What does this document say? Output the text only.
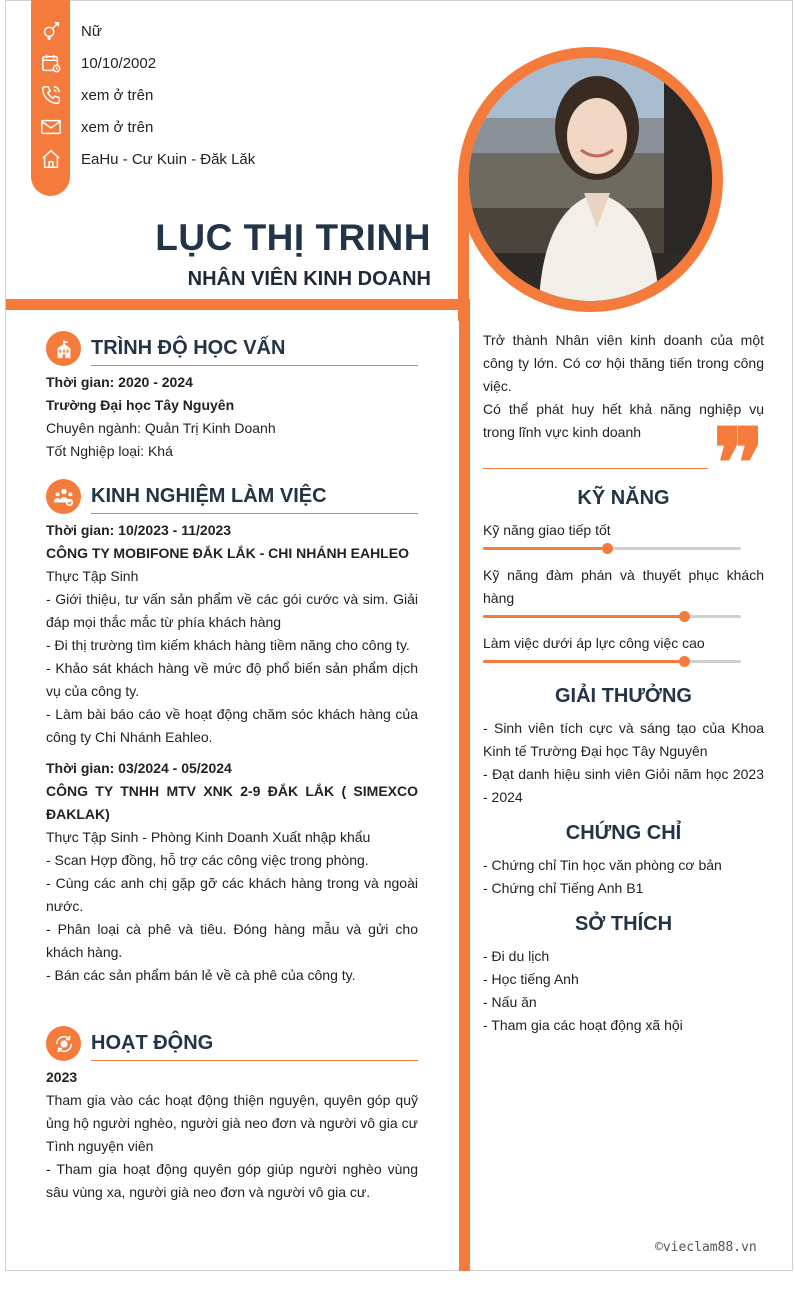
Nữ
10/10/2002
xem ở trên
xem ở trên
EaHu - Cư Kuin - Đăk Lăk
LỤC THỊ TRINH
NHÂN VIÊN KINH DOANH
TRÌNH ĐỘ HỌC VẤN

Thời gian: 2020 - 2024

Trường Đại học Tây Nguyên

Chuyên ngành: Quản Trị Kinh Doanh

Tốt Nghiệp loại: Khá

KINH NGHIỆM LÀM VIỆC

Thời gian: 10/2023 - 11/2023

CÔNG TY MOBIFONE ĐẮK LẮK - CHI NHÁNH EAHLEO

Thực Tập Sinh

- Giới thiệu, tư vấn sản phẩm về các gói cước và sim. Giải đáp mọi thắc mắc từ phía khách hàng

- Đi thị trường tìm kiếm khách hàng tiềm năng cho công ty.

- Khảo sát khách hàng về mức độ phổ biến sản phẩm dịch vụ của công ty.

- Làm bài báo cáo về hoạt động chăm sóc khách hàng của công ty Chi Nhánh Eahleo.

Thời gian: 03/2024 - 05/2024

CÔNG TY TNHH MTV XNK 2-9 ĐẮK LẮK ( SIMEXCO ĐAKLAK)

Thực Tập Sinh - Phòng Kinh Doanh Xuất nhập khẩu

- Scan Hợp đồng, hỗ trợ các công việc trong phòng.

- Cùng các anh chị gặp gỡ các khách hàng trong và ngoài nước.

- Phân loại cà phê và tiêu. Đóng hàng mẫu và gửi cho khách hàng.

- Bán các sản phẩm bán lẻ về cà phê của công ty.

HOẠT ĐỘNG

2023

Tham gia vào các hoạt động thiện nguyện, quyên góp quỹ ủng hộ người nghèo, người già neo đơn và người vô gia cư Tình nguyện viên

- Tham gia hoạt động quyên góp giúp người nghèo vùng sâu vùng xa, người già neo đơn và người vô gia cư.

Trở thành Nhân viên kinh doanh của một công ty lớn. Có cơ hội thăng tiến trong công việc.

Có thể phát huy hết khả năng nghiệp vụ trong lĩnh vực kinh doanh ❞
KỸ NĂNG
Kỹ năng giao tiếp tốt
Kỹ năng đàm phán và thuyết phục khách hàng
Làm việc dưới áp lực công việc cao
GIẢI THƯỞNG

- Sinh viên tích cực và sáng tạo của Khoa Kinh tế Trường Đại học Tây Nguyên

- Đạt danh hiệu sinh viên Giỏi năm học 2023 - 2024

CHỨNG CHỈ

- Chứng chỉ Tin học văn phòng cơ bản

- Chứng chỉ Tiếng Anh B1

SỞ THÍCH

- Đi du lịch

- Học tiếng Anh

- Nấu ăn

- Tham gia các hoạt động xã hội

©vieclam88.vn
